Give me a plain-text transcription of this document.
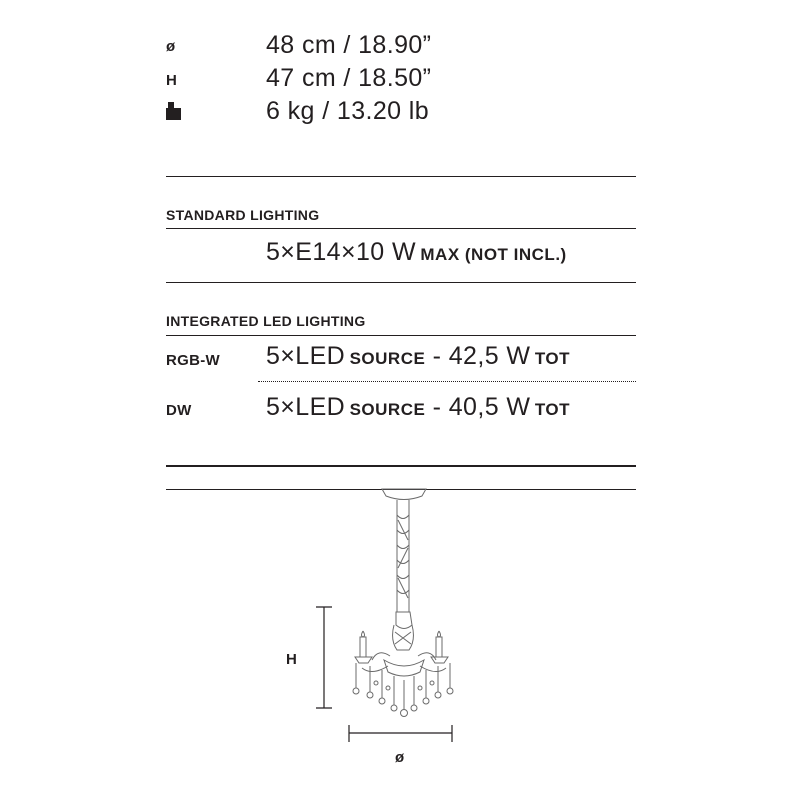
ø	48 cm / 18.90”
H	47 cm / 18.50”
6 kg / 13.20 lb
STANDARD LIGHTING
5×E14×10 W MAX (NOT INCL.)
INTEGRATED LED LIGHTING
RGB-W 5×LED SOURCE - 42,5 W TOT
DW	5×LED SOURCE - 40,5 W TOT
H
ø
